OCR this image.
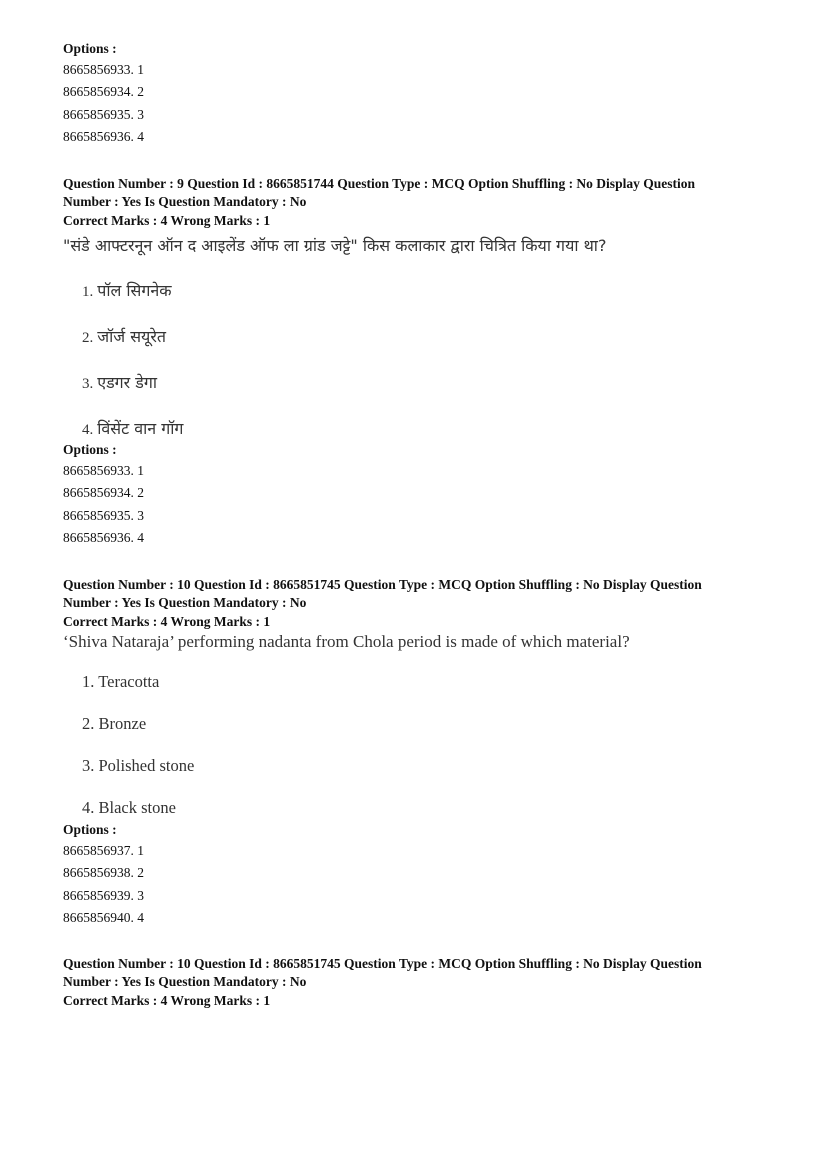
Options :
8665856933. 1
8665856934. 2
8665856935. 3
8665856936. 4
Question Number : 9 Question Id : 8665851744 Question Type : MCQ Option Shuffling : No Display Question
Number : Yes Is Question Mandatory : No
Correct Marks : 4 Wrong Marks : 1
"संडे आफ्टरनून ऑन द आइलेंड ऑफ ला ग्रांड जट्टे" किस कलाकार द्वारा चित्रित किया गया था?
1. पॉल सिगनेक
2. जॉर्ज सयूरेत
3. एडगर डेगा
4. विंसेंट वान गॉग
Options :
8665856933. 1
8665856934. 2
8665856935. 3
8665856936. 4
Question Number : 10 Question Id : 8665851745 Question Type : MCQ Option Shuffling : No Display Question
Number : Yes Is Question Mandatory : No
Correct Marks : 4 Wrong Marks : 1
‘Shiva Nataraja’ performing nadanta from Chola period is made of which material?
1. Teracotta
2. Bronze
3. Polished stone
4. Black stone
Options :
8665856937. 1
8665856938. 2
8665856939. 3
8665856940. 4
Question Number : 10 Question Id : 8665851745 Question Type : MCQ Option Shuffling : No Display Question
Number : Yes Is Question Mandatory : No
Correct Marks : 4 Wrong Marks : 1
